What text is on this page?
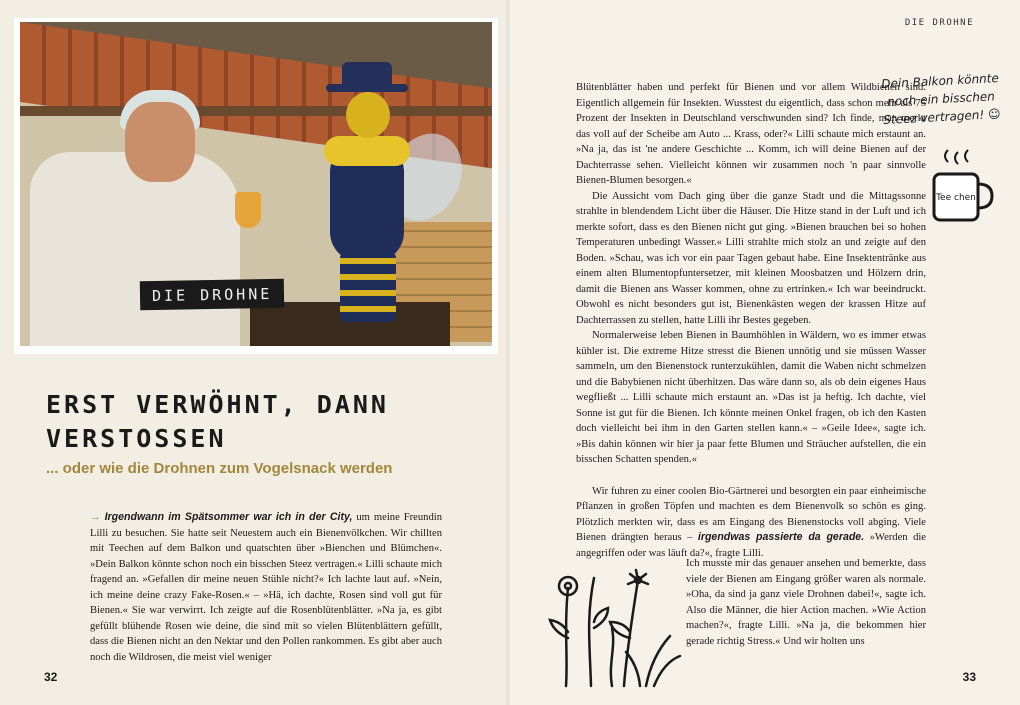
DIE DROHNE
ERST VERWÖHNT, DANN
VERSTOSSEN
... oder wie die Drohnen zum Vogelsnack werden
→ Irgendwann im Spätsommer war ich in der City, um meine Freundin Lilli zu besuchen. Sie hatte seit Neuestem auch ein Bienenvölkchen. Wir chillten mit Teechen auf dem Balkon und quatschten über »Bienchen und Blümchen«. »Dein Balkon könnte schon noch ein bisschen Steez vertragen.« Lilli schaute mich fragend an. »Gefallen dir meine neuen Stühle nicht?« Ich lachte laut auf. »Nein, ich meine deine crazy Fake-Rosen.« – »Hä, ich dachte, Rosen sind voll gut für Bienen.« Sie war verwirrt. Ich zeigte auf die Rosenblütenblätter. »Na ja, es gibt gefüllt blühende Rosen wie deine, die sind mit so vielen Blütenblättern gefüllt, dass die Bienen nicht an den Nektar und den Pollen rankommen. Es gibt aber auch noch die Wildrosen, die meist viel weniger
32
DIE DROHNE
Dein Balkon könnte noch ein bisschen Steez vertragen! ☺
Tee chen

Blütenblätter haben und perfekt für Bienen und vor allem Wildbienen sind. Eigentlich allgemein für Insekten. Wusstest du eigentlich, dass schon mehr als 75 Prozent der Insekten in Deutschland verschwunden sind? Ich finde, man merkt das voll auf der Scheibe am Auto ... Krass, oder?« Lilli schaute mich erstaunt an. »Na ja, das ist 'ne andere Geschichte ... Komm, ich will deine Bienen auf der Dachterrasse sehen. Vielleicht können wir zusammen noch 'n paar sinnvolle Bienen-Blumen besorgen.«

Die Aussicht vom Dach ging über die ganze Stadt und die Mittagssonne strahlte in blendendem Licht über die Häuser. Die Hitze stand in der Luft und ich merkte sofort, dass es den Bienen nicht gut ging. »Bienen brauchen bei so hohen Temperaturen unbedingt Wasser.« Lilli strahlte mich stolz an und zeigte auf den Boden. »Schau, was ich vor ein paar Tagen gebaut habe. Eine Insektentränke aus einem alten Blumentopfuntersetzer, mit kleinen Moosbatzen und Hölzern drin, damit die Bienen ans Wasser kommen, ohne zu ertrinken.« Ich war beeindruckt. Obwohl es nicht besonders gut ist, Bienenkästen wegen der krassen Hitze auf Dachterrassen zu stellen, hatte Lilli ihr Bestes gegeben.

Normalerweise leben Bienen in Baumhöhlen in Wäldern, wo es immer etwas kühler ist. Die extreme Hitze stresst die Bienen unnötig und sie müssen Wasser sammeln, um den Bienenstock runterzukühlen, damit die Waben nicht schmelzen und die Babybienen nicht überhitzen. Das wäre dann so, als ob dein eigenes Haus wegfließt ... Lilli schaute mich erstaunt an. »Das ist ja heftig. Ich dachte, viel Sonne ist gut für die Bienen. Ich könnte meinen Onkel fragen, ob ich den Kasten doch vielleicht bei ihm in den Garten stellen kann.« – »Geile Idee«, sagte ich. »Bis dahin können wir hier ja paar fette Blumen und Sträucher aufstellen, die ein bisschen Schatten spenden.«

Wir fuhren zu einer coolen Bio-Gärtnerei und besorgten ein paar einheimische Pflanzen in großen Töpfen und machten es dem Bienenvolk so schön es ging. Plötzlich merkten wir, dass es am Eingang des Bienenstocks voll abging. Viele Bienen drängten heraus – irgendwas passierte da gerade. »Werden die angegriffen oder was läuft da?«, fragte Lilli.

Ich musste mir das genauer ansehen und bemerkte, dass viele der Bienen am Eingang größer waren als normale. »Oha, da sind ja ganz viele Drohnen dabei!«, sagte ich. Also die Männer, die hier Action machen. »Wie Action machen?«, fragte Lilli. »Na ja, die bekommen hier gerade richtig Stress.« Und wir holten uns
33
